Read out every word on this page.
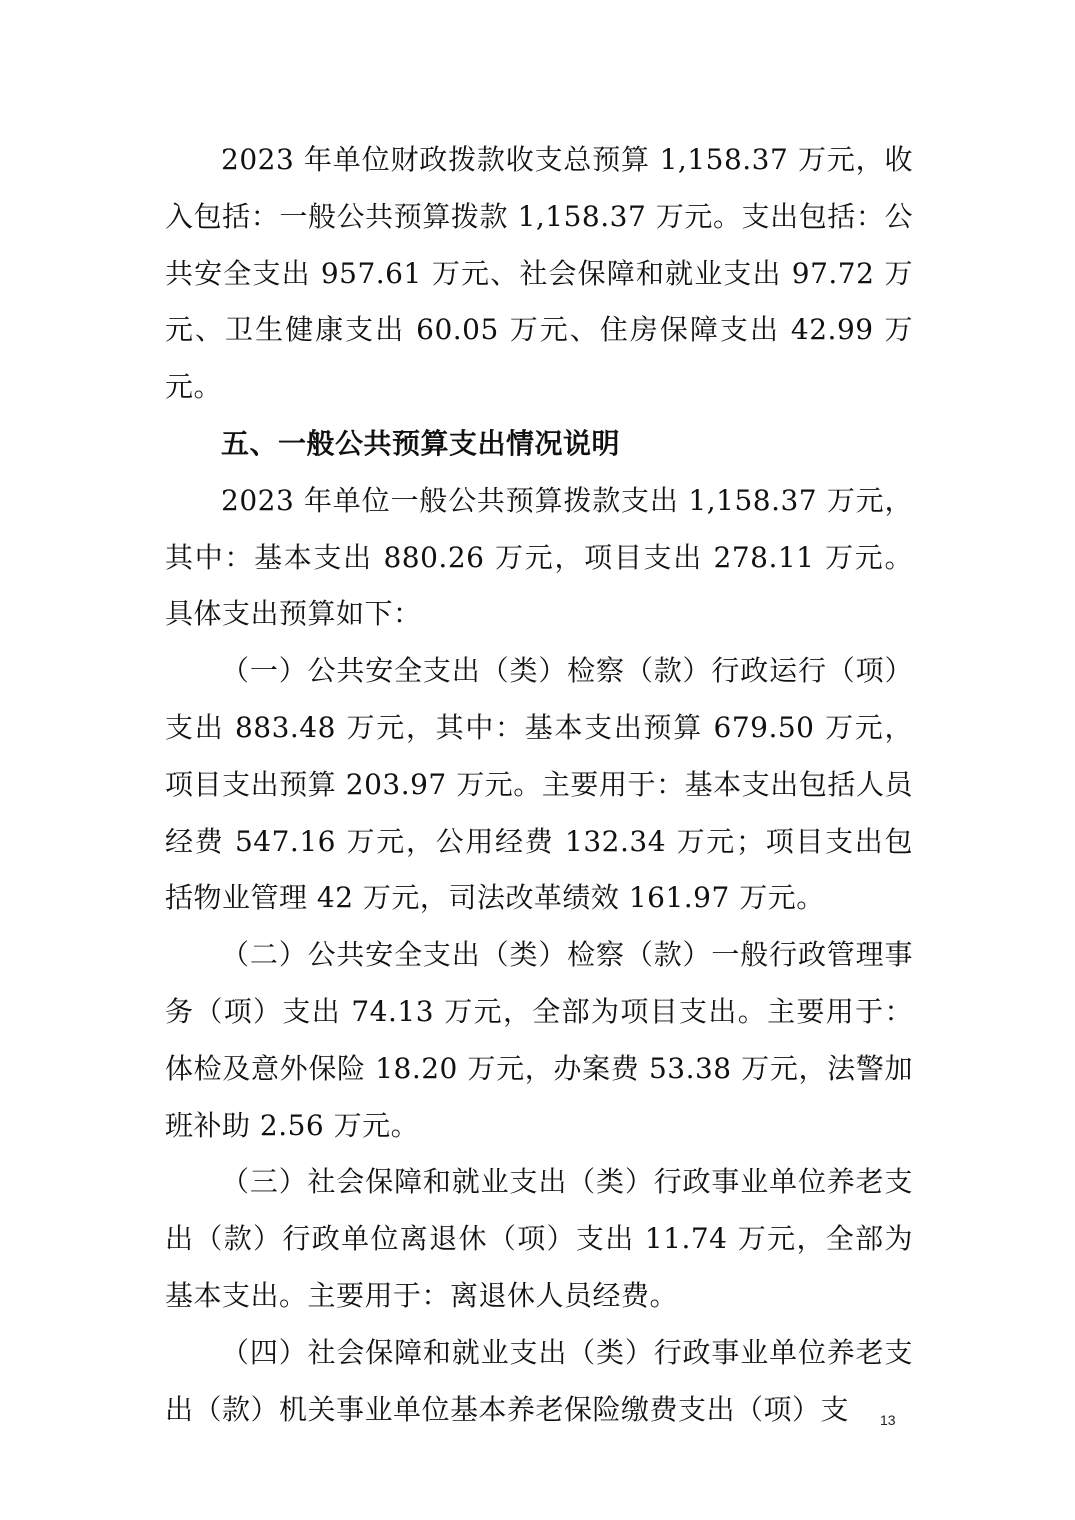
2023 年单位财政拨款收支总预算 1,158.37 万元，收入包括：一般公共预算拨款 1,158.37 万元。支出包括：公共安全支出 957.61 万元、社会保障和就业支出 97.72 万元、卫生健康支出 60.05 万元、住房保障支出 42.99 万元。

五、一般公共预算支出情况说明

2023 年单位一般公共预算拨款支出 1,158.37 万元，其中：基本支出 880.26 万元，项目支出 278.11 万元。具体支出预算如下：

（一）公共安全支出（类）检察（款）行政运行（项）支出 883.48 万元，其中：基本支出预算 679.50 万元，项目支出预算 203.97 万元。主要用于：基本支出包括人员经费 547.16 万元，公用经费 132.34 万元；项目支出包括物业管理 42 万元，司法改革绩效 161.97 万元。

（二）公共安全支出（类）检察（款）一般行政管理事务（项）支出 74.13 万元，全部为项目支出。主要用于：体检及意外保险 18.20 万元，办案费 53.38 万元，法警加班补助 2.56 万元。

（三）社会保障和就业支出（类）行政事业单位养老支出（款）行政单位离退休（项）支出 11.74 万元，全部为基本支出。主要用于：离退休人员经费。

（四）社会保障和就业支出（类）行政事业单位养老支出（款）机关事业单位基本养老保险缴费支出（项）支	13
